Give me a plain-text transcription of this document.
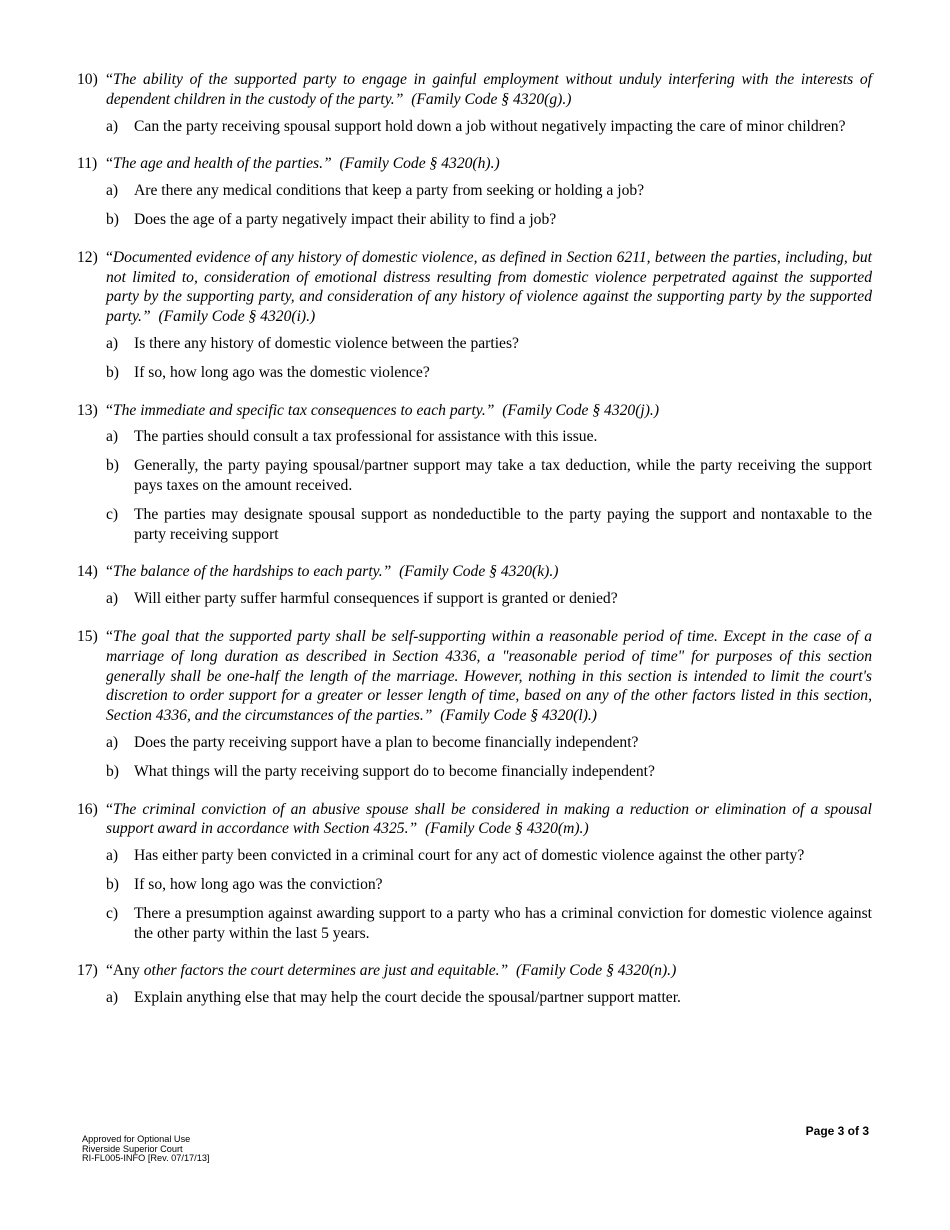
10) “The ability of the supported party to engage in gainful employment without unduly interfering with the interests of dependent children in the custody of the party.” (Family Code § 4320(g).)
a) Can the party receiving spousal support hold down a job without negatively impacting the care of minor children?
11) “The age and health of the parties.” (Family Code § 4320(h).)
a) Are there any medical conditions that keep a party from seeking or holding a job?
b) Does the age of a party negatively impact their ability to find a job?
12) “Documented evidence of any history of domestic violence, as defined in Section 6211, between the parties, including, but not limited to, consideration of emotional distress resulting from domestic violence perpetrated against the supported party by the supporting party, and consideration of any history of violence against the supporting party by the supported party.” (Family Code § 4320(i).)
a) Is there any history of domestic violence between the parties?
b) If so, how long ago was the domestic violence?
13) “The immediate and specific tax consequences to each party.” (Family Code § 4320(j).)
a) The parties should consult a tax professional for assistance with this issue.
b) Generally, the party paying spousal/partner support may take a tax deduction, while the party receiving the support pays taxes on the amount received.
c) The parties may designate spousal support as nondeductible to the party paying the support and nontaxable to the party receiving support
14) “The balance of the hardships to each party.” (Family Code § 4320(k).)
a) Will either party suffer harmful consequences if support is granted or denied?
15) “The goal that the supported party shall be self-supporting within a reasonable period of time. Except in the case of a marriage of long duration as described in Section 4336, a "reasonable period of time" for purposes of this section generally shall be one-half the length of the marriage. However, nothing in this section is intended to limit the court's discretion to order support for a greater or lesser length of time, based on any of the other factors listed in this section, Section 4336, and the circumstances of the parties.” (Family Code § 4320(l).)
a) Does the party receiving support have a plan to become financially independent?
b) What things will the party receiving support do to become financially independent?
16) “The criminal conviction of an abusive spouse shall be considered in making a reduction or elimination of a spousal support award in accordance with Section 4325.” (Family Code § 4320(m).)
a) Has either party been convicted in a criminal court for any act of domestic violence against the other party?
b) If so, how long ago was the conviction?
c) There a presumption against awarding support to a party who has a criminal conviction for domestic violence against the other party within the last 5 years.
17) “Any other factors the court determines are just and equitable.” (Family Code § 4320(n).)
a) Explain anything else that may help the court decide the spousal/partner support matter.
Page 3 of 3
Approved for Optional Use
Riverside Superior Court
RI-FL005-INFO [Rev. 07/17/13]
